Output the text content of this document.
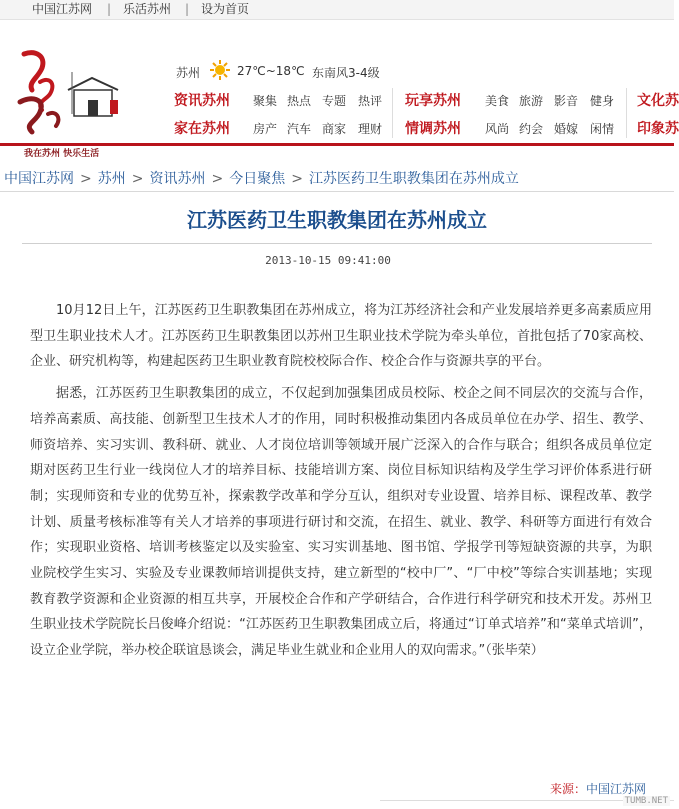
中国江苏网 | 乐活苏州 | 设为首页
我在苏州 快乐生活
苏州	27℃~18℃ 东南风3-4级
资讯苏州 聚集 热点 专题 热评
家在苏州 房产 汽车 商家 理财
玩享苏州 美食 旅游 影音 健身
情调苏州 风尚 约会 婚嫁 闲情
文化苏
印象苏
中国江苏网 > 苏州 > 资讯苏州 > 今日聚焦 > 江苏医药卫生职教集团在苏州成立
江苏医药卫生职教集团在苏州成立
2013-10-15 09:41:00

10月12日上午，江苏医药卫生职教集团在苏州成立，将为江苏经济社会和产业发展培养更多高素质应用型卫生职业技术人才。江苏医药卫生职教集团以苏州卫生职业技术学院为牵头单位，首批包括了70家高校、企业、研究机构等，构建起医药卫生职业教育院校校际合作、校企合作与资源共享的平台。

据悉，江苏医药卫生职教集团的成立，不仅起到加强集团成员校际、校企之间不同层次的交流与合作，培养高素质、高技能、创新型卫生技术人才的作用，同时积极推动集团内各成员单位在办学、招生、教学、师资培养、实习实训、教科研、就业、人才岗位培训等领域开展广泛深入的合作与联合；组织各成员单位定期对医药卫生行业一线岗位人才的培养目标、技能培训方案、岗位目标知识结构及学生学习评价体系进行研制；实现师资和专业的优势互补，探索教学改革和学分互认，组织对专业设置、培养目标、课程改革、教学计划、质量考核标准等有关人才培养的事项进行研讨和交流，在招生、就业、教学、科研等方面进行有效合作；实现职业资格、培训考核鉴定以及实验室、实习实训基地、图书馆、学报学刊等短缺资源的共享，为职业院校学生实习、实验及专业课教师培训提供支持，建立新型的“校中厂”、“厂中校”等综合实训基地；实现教育教学资源和企业资源的相互共享，开展校企合作和产学研结合，合作进行科学研究和技术开发。苏州卫生职业技术学院院长吕俊峰介绍说：“江苏医药卫生职教集团成立后，将通过“订单式培养”和“菜单式培训”，设立企业学院，举办校企联谊恳谈会，满足毕业生就业和企业用人的双向需求。”（张毕荣）

来源：中国江苏网
TUMB.NET
